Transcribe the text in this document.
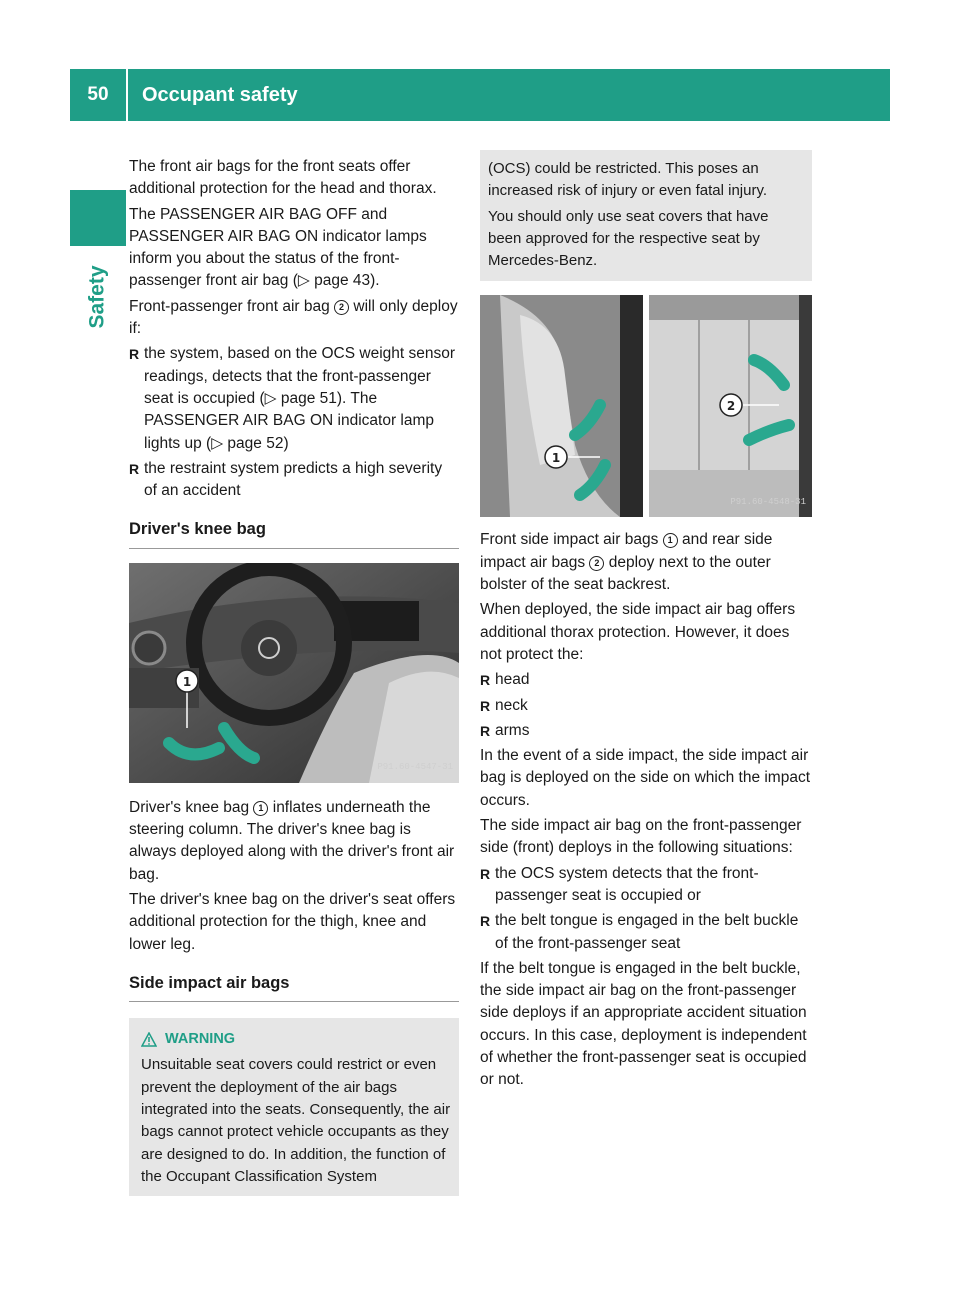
50	Occupant safety
Safety

The front air bags for the front seats offer additional protection for the head and thorax.

The PASSENGER AIR BAG OFF and PASSENGER AIR BAG ON indicator lamps inform you about the status of the front-passenger front air bag (▷ page 43).

Front-passenger front air bag 2 will only deploy if:

R the system, based on the OCS weight sensor readings, detects that the front-passenger seat is occupied (▷ page 51). The PASSENGER AIR BAG ON indicator lamp lights up (▷ page 52)
R the restraint system predicts a high severity of an accident
Driver's knee bag
1
P91.60-4547-31

Driver's knee bag 1 inflates underneath the steering column. The driver's knee bag is always deployed along with the driver's front air bag.

The driver's knee bag on the driver's seat offers additional protection for the thigh, knee and lower leg.

Side impact air bags
WARNING
Unsuitable seat covers could restrict or even prevent the deployment of the air bags integrated into the seats. Consequently, the air bags cannot protect vehicle occupants as they are designed to do. In addition, the function of the Occupant Classification System

(OCS) could be restricted. This poses an increased risk of injury or even fatal injury.

You should only use seat covers that have been approved for the respective seat by Mercedes-Benz.

1
2
P91.60-4548-31

Front side impact air bags 1 and rear side impact air bags 2 deploy next to the outer bolster of the seat backrest.

When deployed, the side impact air bag offers additional thorax protection. However, it does not protect the:

R head
R neck
R arms

In the event of a side impact, the side impact air bag is deployed on the side on which the impact occurs.

The side impact air bag on the front-passenger side (front) deploys in the following situations:

R the OCS system detects that the front-passenger seat is occupied or
R the belt tongue is engaged in the belt buckle of the front-passenger seat

If the belt tongue is engaged in the belt buckle, the side impact air bag on the front-passenger side deploys if an appropriate accident situation occurs. In this case, deployment is independent of whether the front-passenger seat is occupied or not.
